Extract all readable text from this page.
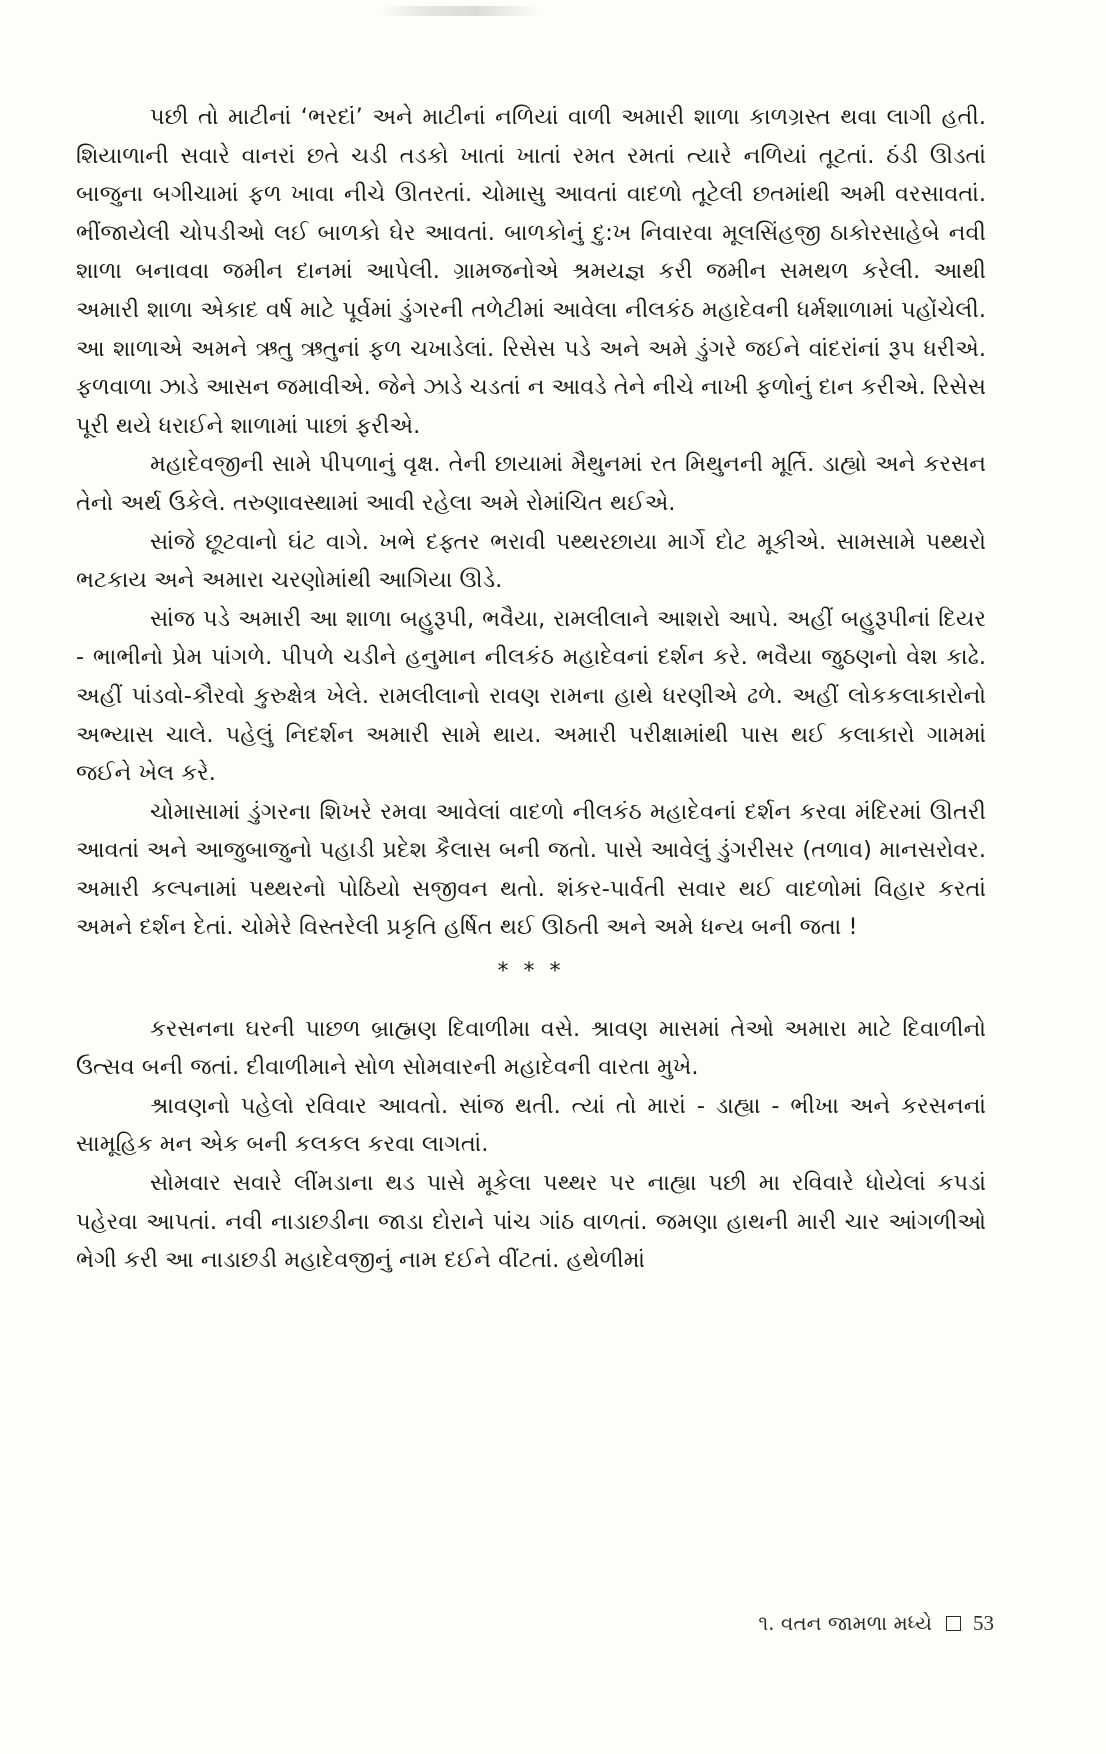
પછી તો માટીનાં ‘ભરદાં’ અને માટીનાં નળિયાં વાળી અમારી શાળા કાળગ્રસ્ત થવા લાગી હતી. શિયાળાની સવારે વાનરાં છતે ચડી તડકો ખાતાં ખાતાં રમત રમતાં ત્યારે નળિયાં તૂટતાં. ઠંડી ઊડતાં બાજુના બગીચામાં ફળ ખાવા નીચે ઊતરતાં. ચોમાસુ આવતાં વાદળો તૂટેલી છતમાંથી અમી વરસાવતાં. ભીંજાયેલી ચોપડીઓ લઈ બાળકો ઘેર આવતાં. બાળકોનું દુ:ખ નિવારવા મૂલસિંહજી ઠાકોરસાહેબે નવી શાળા બનાવવા જમીન દાનમાં આપેલી. ગ્રામજનોએ શ્રમયજ્ઞ કરી જમીન સમથળ કરેલી. આથી અમારી શાળા એકાદ વર્ષ માટે પૂર્વમાં ડુંગરની તળેટીમાં આવેલા નીલકંઠ મહાદેવની ધર્મશાળામાં પહોંચેલી. આ શાળાએ અમને ઋતુ ઋતુનાં ફળ ચખાડેલાં. રિસેસ પડે અને અમે ડુંગરે જઈને વાંદરાંનાં રૂપ ધરીએ. ફળવાળા ઝાડે આસન જમાવીએ. જેને ઝાડે ચડતાં ન આવડે તેને નીચે નાખી ફળોનું દાન કરીએ. રિસેસ પૂરી થયે ધરાઈને શાળામાં પાછાં ફરીએ.

મહાદેવજીની સામે પીપળાનું વૃક્ષ. તેની છાયામાં મૈથુનમાં રત મિથુનની મૂર્તિ. ડાહ્યો અને કરસન તેનો અર્થ ઉકેલે. તરુણાવસ્થામાં આવી રહેલા અમે રોમાંચિત થઈએ.

સાંજે છૂટવાનો ઘંટ વાગે. ખભે દફ્તર ભરાવી પથ્થરછાયા માર્ગે દોટ મૂકીએ. સામસામે પથ્થરો ભટકાય અને અમારા ચરણોમાંથી આગિયા ઊડે.

સાંજ પડે અમારી આ શાળા બહુરૂપી, ભવૈયા, રામલીલાને આશરો આપે. અહીં બહુરૂપીનાં દિયર - ભાભીનો પ્રેમ પાંગળે. પીપળે ચડીને હનુમાન નીલકંઠ મહાદેવનાં દર્શન કરે. ભવૈયા જુઠણનો વેશ કાઢે. અહીં પાંડવો-કૌરવો કુરુક્ષેત્ર ખેલે. રામલીલાનો રાવણ રામના હાથે ધરણીએ ઢળે. અહીં લોકકલાકારોનો અભ્યાસ ચાલે. પહેલું નિદર્શન અમારી સામે થાય. અમારી પરીક્ષામાંથી પાસ થઈ કલાકારો ગામમાં જઈને ખેલ કરે.

ચોમાસામાં ડુંગરના શિખરે રમવા આવેલાં વાદળો નીલકંઠ મહાદેવનાં દર્શન કરવા મંદિરમાં ઊતરી આવતાં અને આજુબાજુનો પહાડી પ્રદેશ કૈલાસ બની જતો. પાસે આવેલું ડુંગરીસર (તળાવ) માનસરોવર. અમારી કલ્પનામાં પથ્થરનો પોઠિયો સજીવન થતો. શંકર-પાર્વતી સવાર થઈ વાદળોમાં વિહાર કરતાં અમને દર્શન દેતાં. ચોમેરે વિસ્તરેલી પ્રકૃતિ હર્ષિત થઈ ઊઠતી અને અમે ધન્ય બની જતા !

* * *

કરસનના ઘરની પાછળ બ્રાહ્મણ દિવાળીમા વસે. શ્રાવણ માસમાં તેઓ અમારા માટે દિવાળીનો ઉત્સવ બની જતાં. દીવાળીમાને સોળ સોમવારની મહાદેવની વારતા મુખે.

શ્રાવણનો પહેલો રવિવાર આવતો. સાંજ થતી. ત્યાં તો મારાં - ડાહ્યા - ભીખા અને કરસનનાં સામૂહિક મન એક બની કલકલ કરવા લાગતાં.

સોમવાર સવારે લીંમડાના થડ પાસે મૂકેલા પથ્થર પર નાહ્યા પછી મા રવિવારે ધોયેલાં કપડાં પહેરવા આપતાં. નવી નાડાછડીના જાડા દોરાને પાંચ ગાંઠ વાળતાં. જમણા હાથની મારી ચાર આંગળીઓ ભેગી કરી આ નાડાછડી મહાદેવજીનું નામ દઈને વીંટતાં. હથેળીમાં

૧. વતન જામળા મધ્યે 53
